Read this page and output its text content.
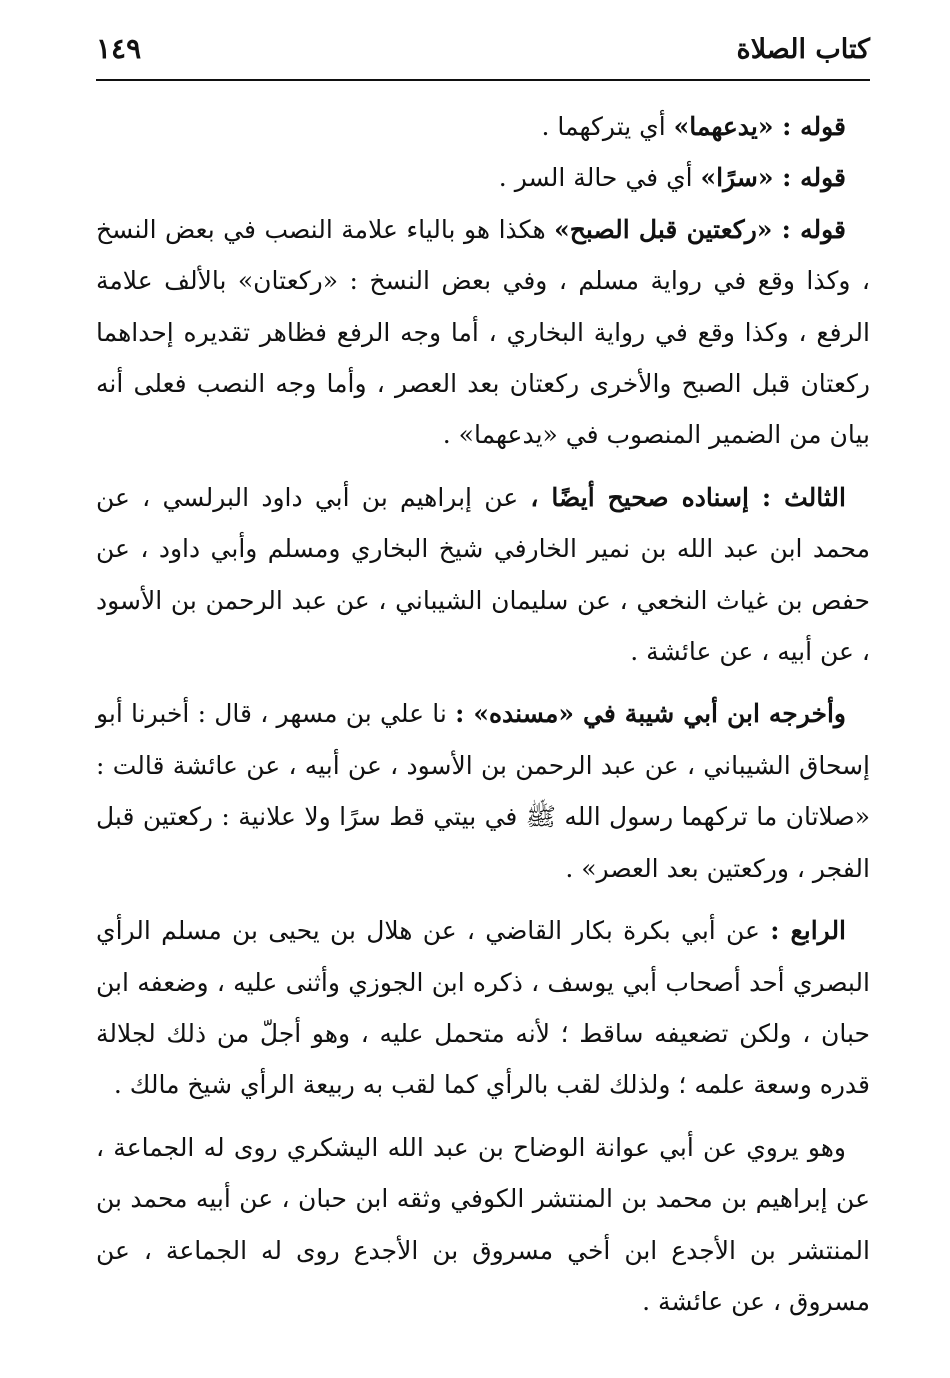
كتاب الصلاة
١٤٩

قوله : «يدعهما» أي يتركهما .

قوله : «سرًا» أي في حالة السر .

قوله : «ركعتين قبل الصبح» هكذا هو بالياء علامة النصب في بعض النسخ ، وكذا وقع في رواية مسلم ، وفي بعض النسخ : «ركعتان» بالألف علامة الرفع ، وكذا وقع في رواية البخاري ، أما وجه الرفع فظاهر تقديره إحداهما ركعتان قبل الصبح والأخرى ركعتان بعد العصر ، وأما وجه النصب فعلى أنه بيان من الضمير المنصوب في «يدعهما» .

الثالث : إسناده صحيح أيضًا ، عن إبراهيم بن أبي داود البرلسي ، عن محمد ابن عبد الله بن نمير الخارفي شيخ البخاري ومسلم وأبي داود ، عن حفص بن غياث النخعي ، عن سليمان الشيباني ، عن عبد الرحمن بن الأسود ، عن أبيه ، عن عائشة .

وأخرجه ابن أبي شيبة في «مسنده» : نا علي بن مسهر ، قال : أخبرنا أبو إسحاق الشيباني ، عن عبد الرحمن بن الأسود ، عن أبيه ، عن عائشة قالت : «صلاتان ما تركهما رسول الله ﷺ في بيتي قط سرًا ولا علانية : ركعتين قبل الفجر ، وركعتين بعد العصر» .

الرابع : عن أبي بكرة بكار القاضي ، عن هلال بن يحيى بن مسلم الرأي البصري أحد أصحاب أبي يوسف ، ذكره ابن الجوزي وأثنى عليه ، وضعفه ابن حبان ، ولكن تضعيفه ساقط ؛ لأنه متحمل عليه ، وهو أجلّ من ذلك لجلالة قدره وسعة علمه ؛ ولذلك لقب بالرأي كما لقب به ربيعة الرأي شيخ مالك .

وهو يروي عن أبي عوانة الوضاح بن عبد الله اليشكري روى له الجماعة ، عن إبراهيم بن محمد بن المنتشر الكوفي وثقه ابن حبان ، عن أبيه محمد بن المنتشر بن الأجدع ابن أخي مسروق بن الأجدع روى له الجماعة ، عن مسروق ، عن عائشة .
